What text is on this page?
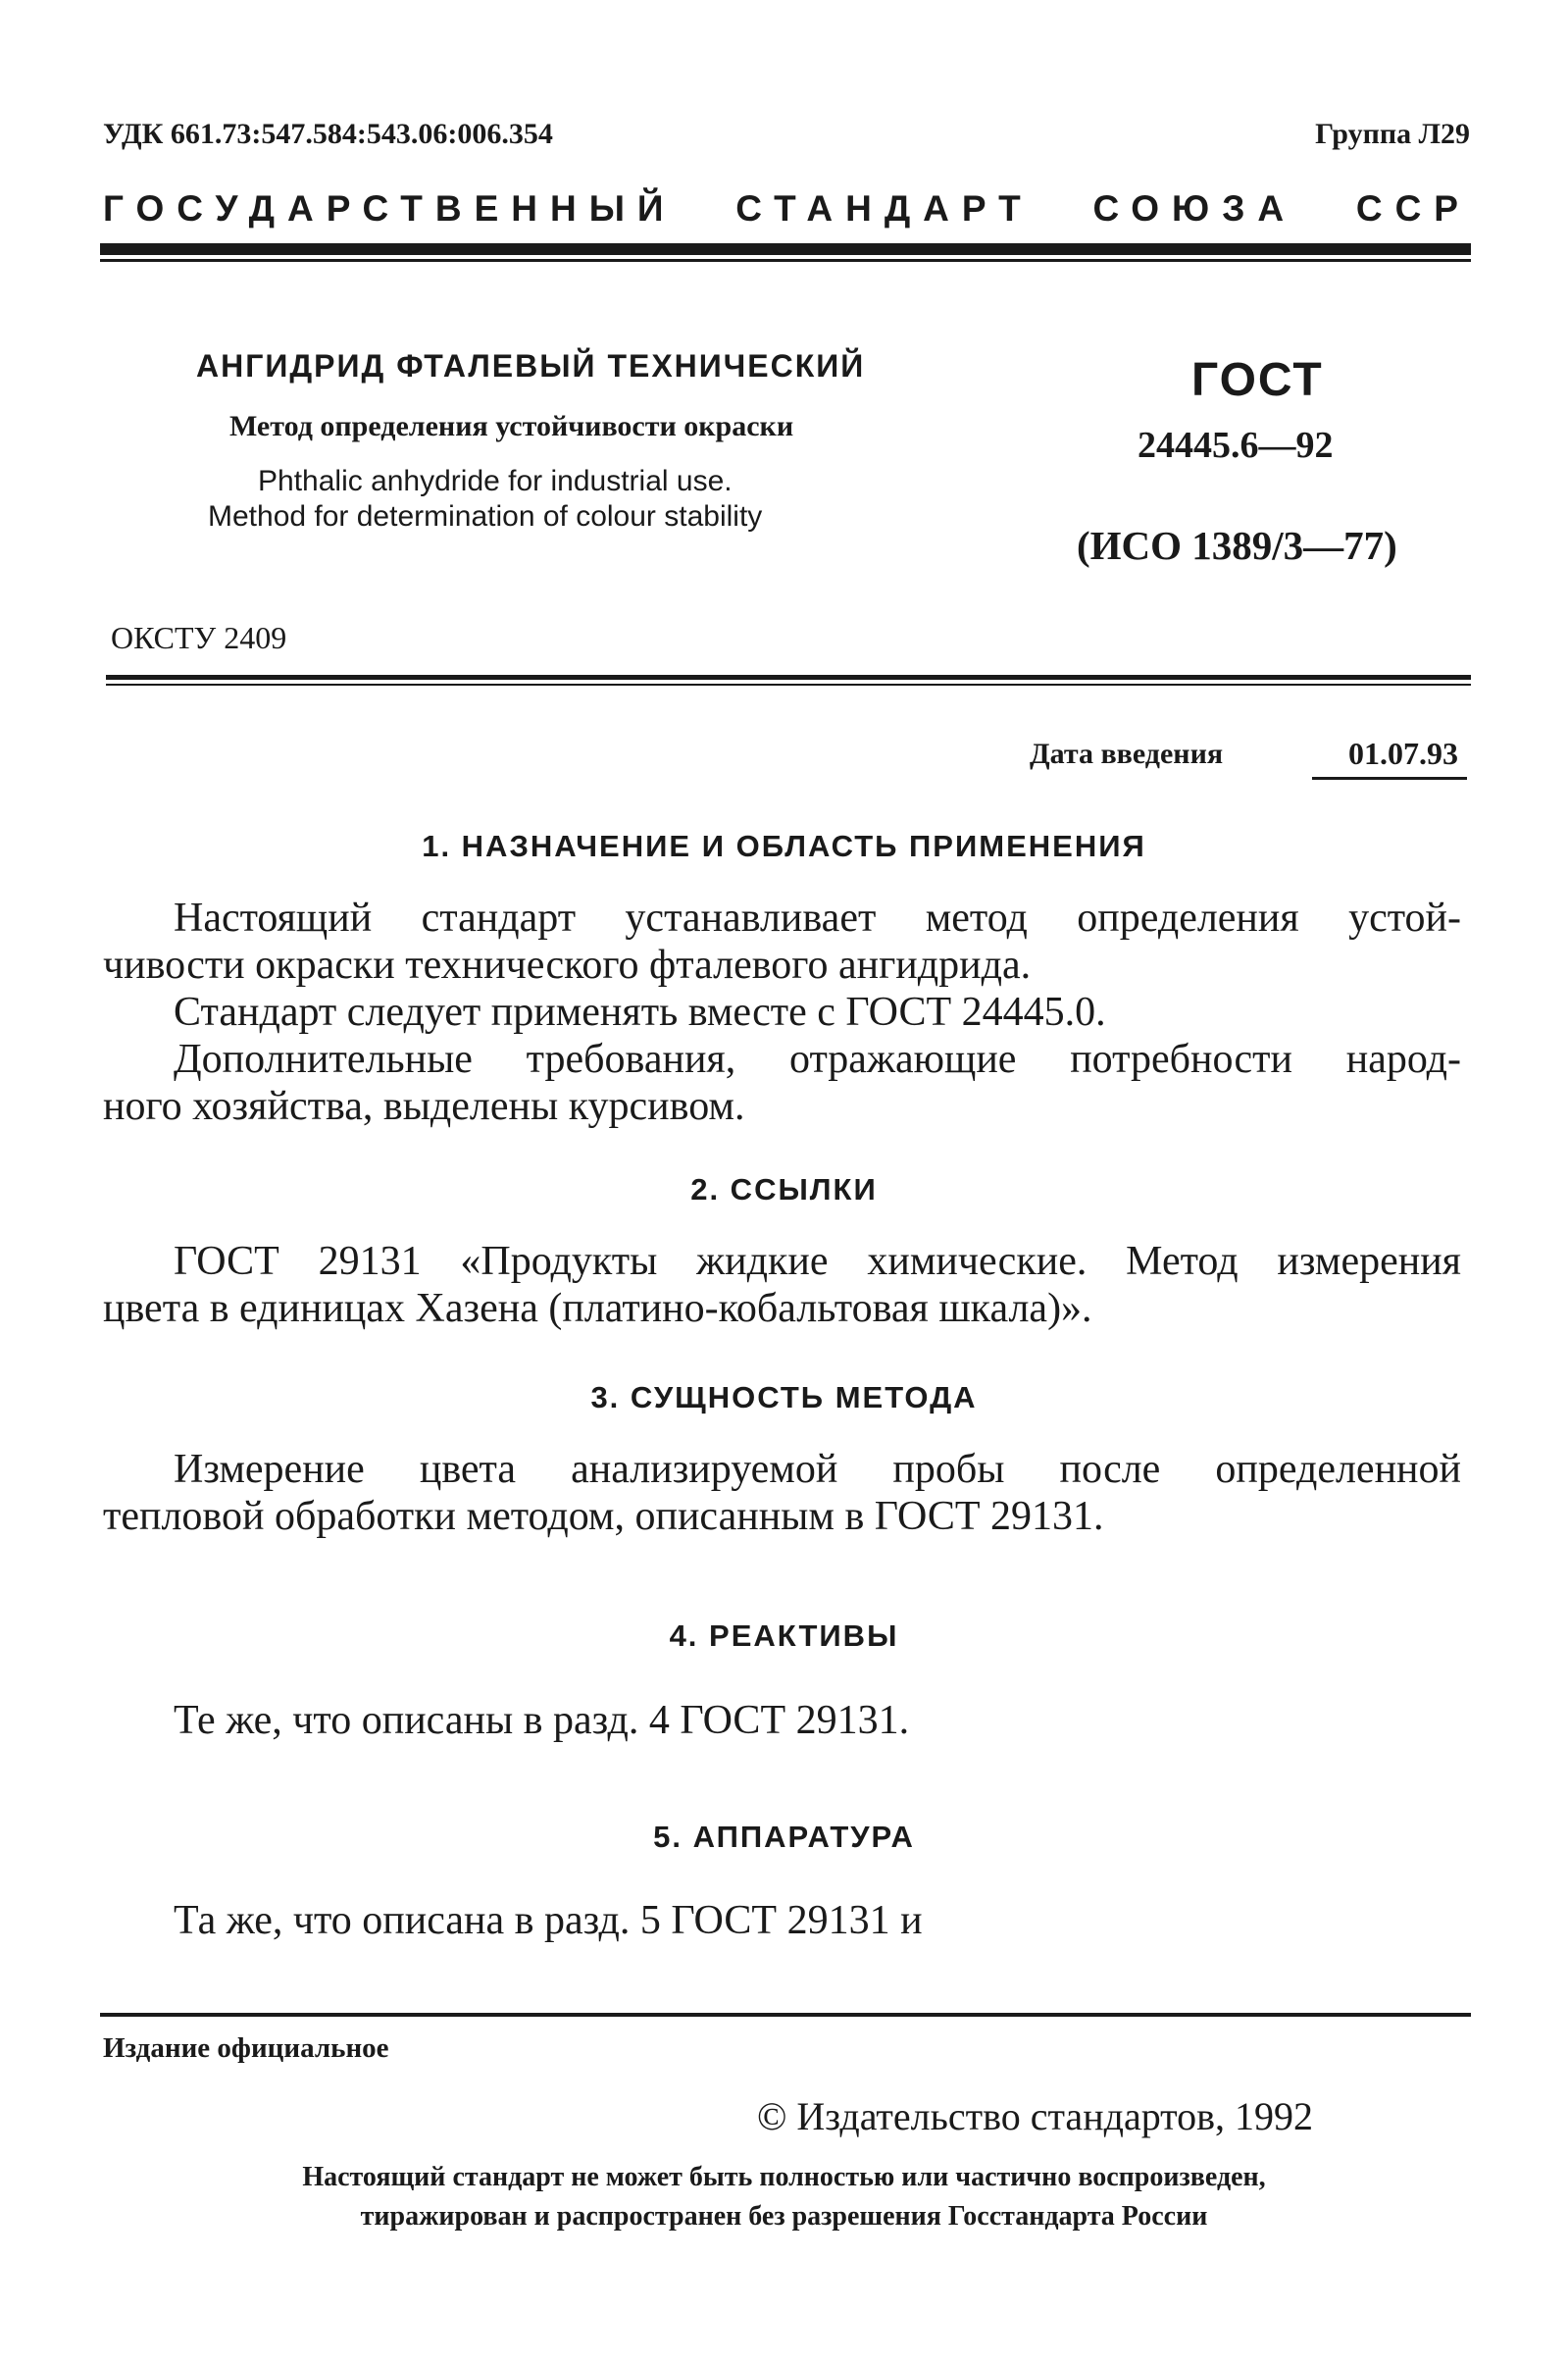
УДК 661.73:547.584:543.06:006.354	Группа Л29
ГОСУДАРСТВЕННЫЙ СТАНДАРТ СОЮЗА ССР
АНГИДРИД ФТАЛЕВЫЙ ТЕХНИЧЕСКИЙ
Метод определения устойчивости окраски
Phthalic anhydride for industrial use.
Method for determination of colour stability
ГОСТ
24445.6—92
(ИСО 1389/3—77)
ОКСТУ 2409
Дата введения	01.07.93
1. НАЗНАЧЕНИЕ И ОБЛАСТЬ ПРИМЕНЕНИЯ
Настоящий стандарт устанавливает метод определения устой-
чивости окраски технического фталевого ангидрида.
Стандарт следует применять вместе с ГОСТ 24445.0.
Дополнительные требования, отражающие потребности народ-
ного хозяйства, выделены курсивом.
2. ССЫЛКИ
ГОСТ 29131 «Продукты жидкие химические. Метод измерения
цвета в единицах Хазена (платино-кобальтовая шкала)».
3. СУЩНОСТЬ МЕТОДА
Измерение цвета анализируемой пробы после определенной
тепловой обработки методом, описанным в ГОСТ 29131.
4. РЕАКТИВЫ
Те же, что описаны в разд. 4 ГОСТ 29131.
5. АППАРАТУРА
Та же, что описана в разд. 5 ГОСТ 29131 и
Издание официальное
© Издательство стандартов, 1992
Настоящий стандарт не может быть полностью или частично воспроизведен,
тиражирован и распространен без разрешения Госстандарта России
